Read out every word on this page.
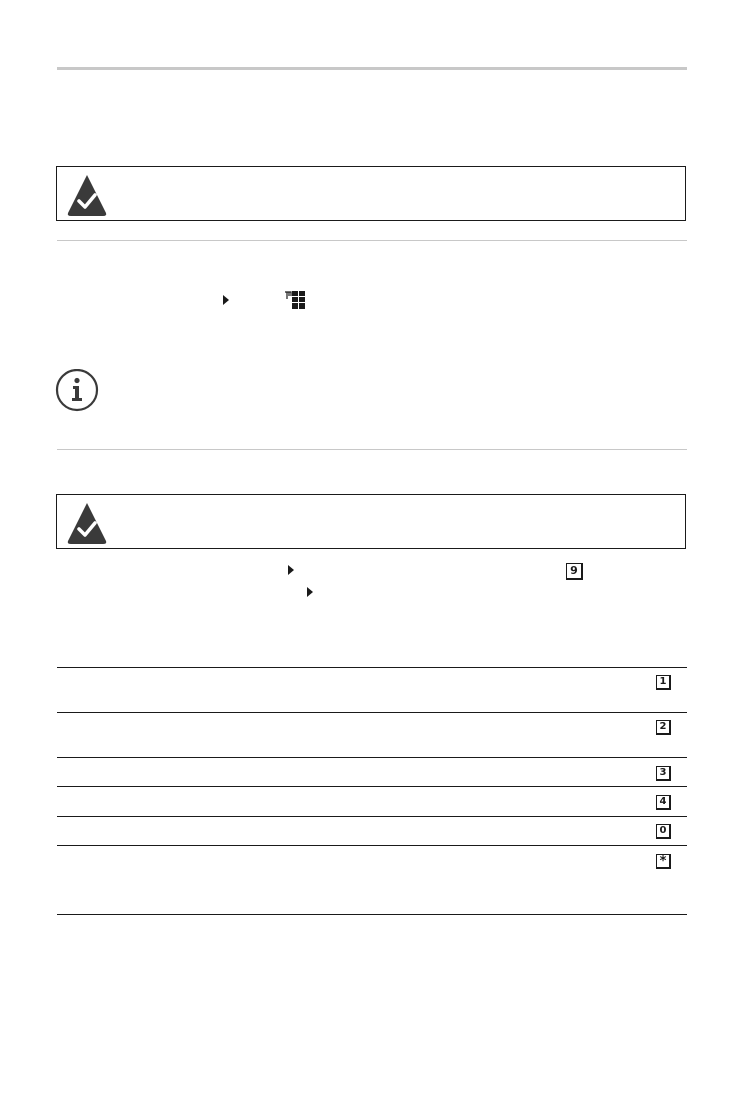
9
1
2
3
4
0
*
